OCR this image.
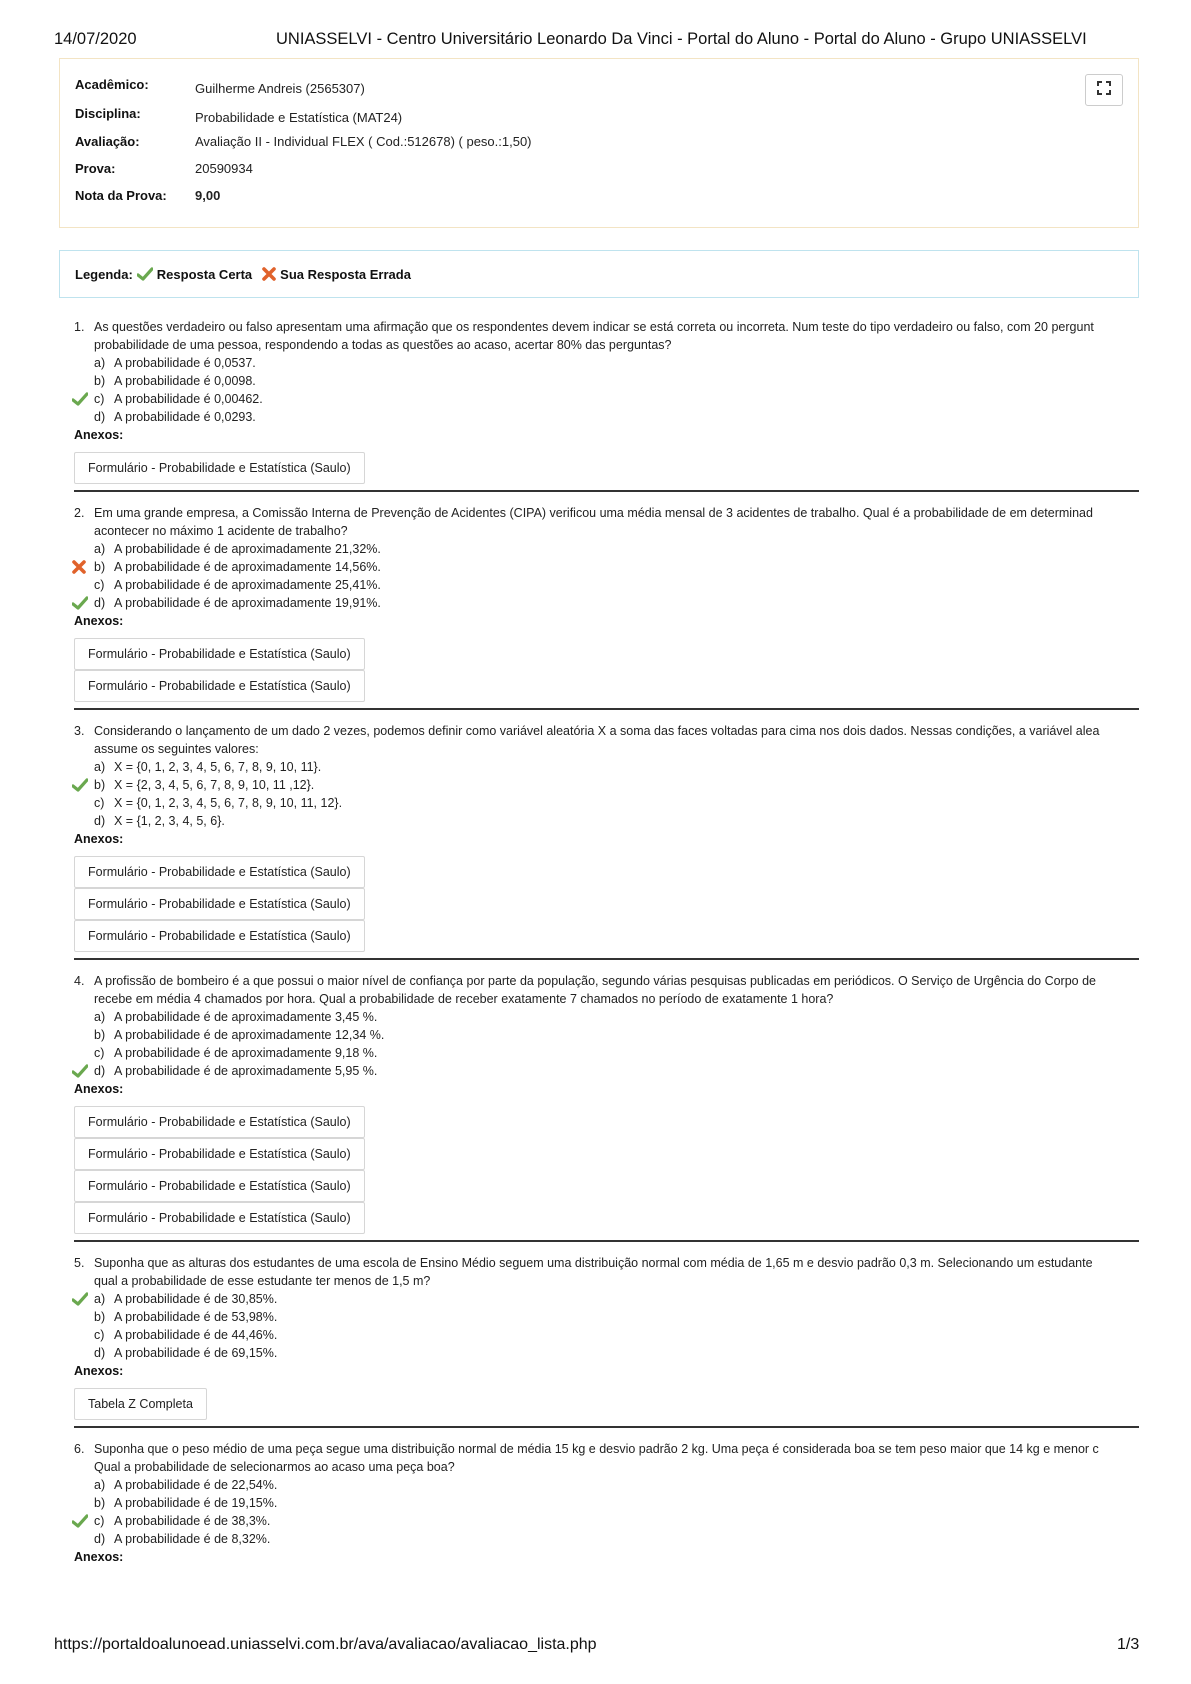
14/07/2020	UNIASSELVI - Centro Universitário Leonardo Da Vinci - Portal do Aluno - Portal do Aluno - Grupo UNIASSELVI
Acadêmico:	Guilherme Andreis (2565307)
Disciplina:	Probabilidade e Estatística (MAT24)
Avaliação:	Avaliação II - Individual FLEX ( Cod.:512678) ( peso.:1,50)
Prova:	20590934
Nota da Prova:	9,00
Legenda: Resposta Certa Sua Resposta Errada
1. As questões verdadeiro ou falso apresentam uma afirmação que os respondentes devem indicar se está correta ou incorreta. Num teste do tipo verdadeiro ou falso, com 20 pergunt
probabilidade de uma pessoa, respondendo a todas as questões ao acaso, acertar 80% das perguntas?
a) A probabilidade é 0,0537.
b) A probabilidade é 0,0098.
c) A probabilidade é 0,00462.
d) A probabilidade é 0,0293.
Anexos:
Formulário - Probabilidade e Estatística (Saulo)
2. Em uma grande empresa, a Comissão Interna de Prevenção de Acidentes (CIPA) verificou uma média mensal de 3 acidentes de trabalho. Qual é a probabilidade de em determinad
acontecer no máximo 1 acidente de trabalho?
a) A probabilidade é de aproximadamente 21,32%.
b) A probabilidade é de aproximadamente 14,56%.
c) A probabilidade é de aproximadamente 25,41%.
d) A probabilidade é de aproximadamente 19,91%.
Anexos:
Formulário - Probabilidade e Estatística (Saulo)
Formulário - Probabilidade e Estatística (Saulo)
3. Considerando o lançamento de um dado 2 vezes, podemos definir como variável aleatória X a soma das faces voltadas para cima nos dois dados. Nessas condições, a variável alea
assume os seguintes valores:
a) X = {0, 1, 2, 3, 4, 5, 6, 7, 8, 9, 10, 11}.
b) X = {2, 3, 4, 5, 6, 7, 8, 9, 10, 11 ,12}.
c) X = {0, 1, 2, 3, 4, 5, 6, 7, 8, 9, 10, 11, 12}.
d) X = {1, 2, 3, 4, 5, 6}.
Anexos:
Formulário - Probabilidade e Estatística (Saulo)
Formulário - Probabilidade e Estatística (Saulo)
Formulário - Probabilidade e Estatística (Saulo)
4. A profissão de bombeiro é a que possui o maior nível de confiança por parte da população, segundo várias pesquisas publicadas em periódicos. O Serviço de Urgência do Corpo de
recebe em média 4 chamados por hora. Qual a probabilidade de receber exatamente 7 chamados no período de exatamente 1 hora?
a) A probabilidade é de aproximadamente 3,45 %.
b) A probabilidade é de aproximadamente 12,34 %.
c) A probabilidade é de aproximadamente 9,18 %.
d) A probabilidade é de aproximadamente 5,95 %.
Anexos:
Formulário - Probabilidade e Estatística (Saulo)
Formulário - Probabilidade e Estatística (Saulo)
Formulário - Probabilidade e Estatística (Saulo)
Formulário - Probabilidade e Estatística (Saulo)
5. Suponha que as alturas dos estudantes de uma escola de Ensino Médio seguem uma distribuição normal com média de 1,65 m e desvio padrão 0,3 m. Selecionando um estudante
qual a probabilidade de esse estudante ter menos de 1,5 m?
a) A probabilidade é de 30,85%.
b) A probabilidade é de 53,98%.
c) A probabilidade é de 44,46%.
d) A probabilidade é de 69,15%.
Anexos:
Tabela Z Completa
6. Suponha que o peso médio de uma peça segue uma distribuição normal de média 15 kg e desvio padrão 2 kg. Uma peça é considerada boa se tem peso maior que 14 kg e menor c
Qual a probabilidade de selecionarmos ao acaso uma peça boa?
a) A probabilidade é de 22,54%.
b) A probabilidade é de 19,15%.
c) A probabilidade é de 38,3%.
d) A probabilidade é de 8,32%.
Anexos:
https://portaldoalunoead.uniasselvi.com.br/ava/avaliacao/avaliacao_lista.php	1/3
